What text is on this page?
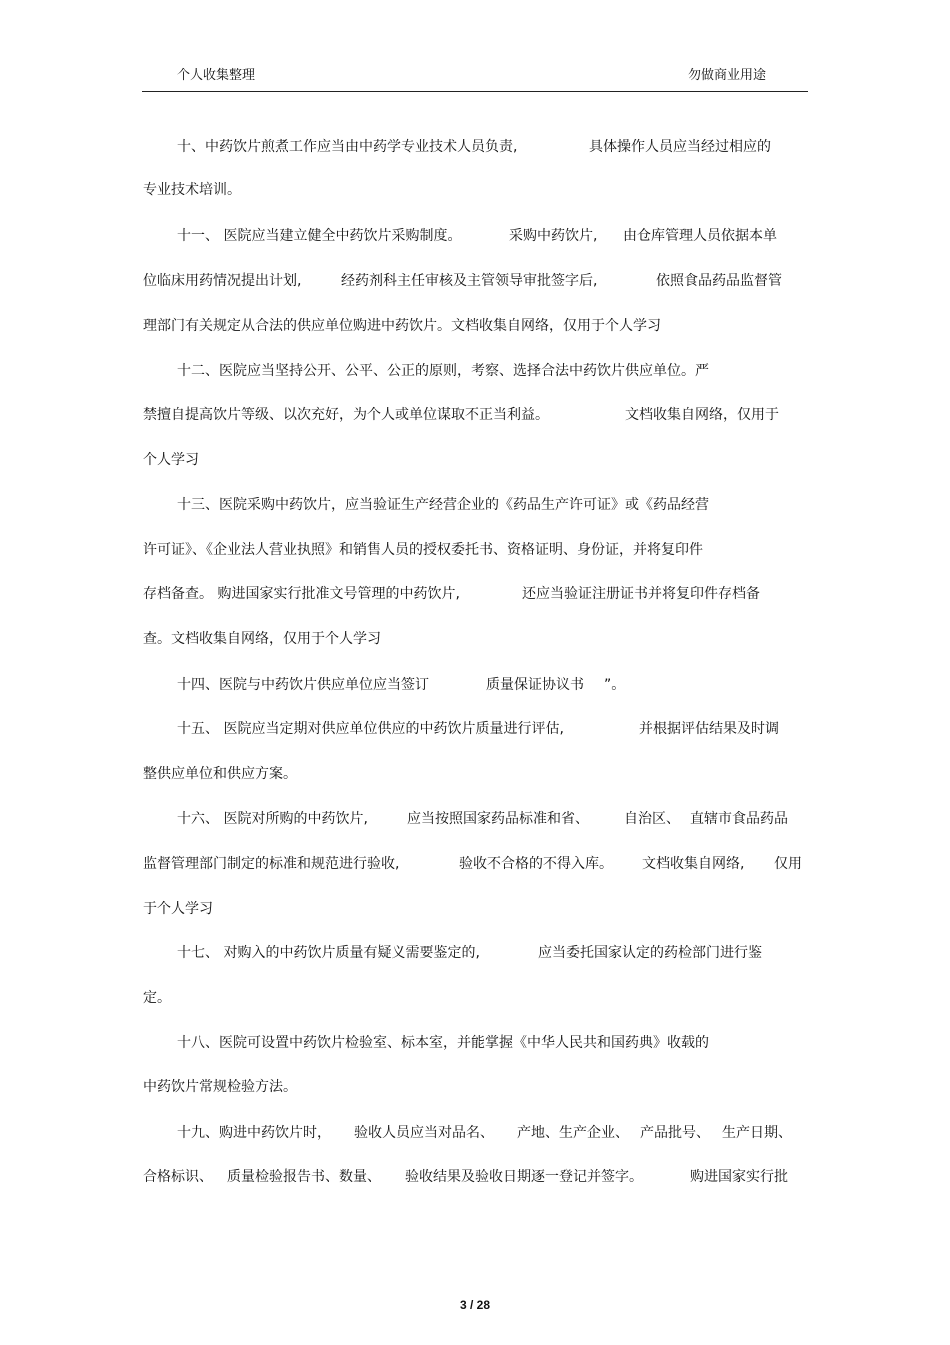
个人收集整理	勿做商业用途
十、中药饮片煎煮工作应当由中药学专业技术人员负责,	具体操作人员应当经过相应的
专业技术培训。
十一、 医院应当建立健全中药饮片采购制度。	采购中药饮片, 由仓库管理人员依据本单
位临床用药情况提出计划,	经药剂科主任审核及主管领导审批签字后,	依照食品药品监督管
理部门有关规定从合法的供应单位购进中药饮片。文档收集自网络，仅用于个人学习
十二、医院应当坚持公开、公平、公正的原则，考察、选择合法中药饮片供应单位。严
禁擅自提高饮片等级、以次充好，为个人或单位谋取不正当利益。	文档收集自网络，仅用于
个人学习
十三、医院采购中药饮片，应当验证生产经营企业的《药品生产许可证》或《药品经营
许可证》、《企业法人营业执照》和销售人员的授权委托书、资格证明、身份证，并将复印件
存档备查。 购进国家实行批准文号管理的中药饮片,	还应当验证注册证书并将复印件存档备
查。文档收集自网络，仅用于个人学习
十四、医院与中药饮片供应单位应当签订	质量保证协议书 ”。
十五、 医院应当定期对供应单位供应的中药饮片质量进行评估,	并根据评估结果及时调
整供应单位和供应方案。
十六、 医院对所购的中药饮片,	应当按照国家药品标准和省、	自治区、 直辖市食品药品
监督管理部门制定的标准和规范进行验收,	验收不合格的不得入库。 文档收集自网络, 仅用
于个人学习
十七、 对购入的中药饮片质量有疑义需要鉴定的,	应当委托国家认定的药检部门进行鉴
定。
十八、医院可设置中药饮片检验室、标本室，并能掌握《中华人民共和国药典》收载的
中药饮片常规检验方法。
十九、购进中药饮片时， 验收人员应当对品名、 产地、生产企业、 产品批号、 生产日期、
合格标识、 质量检验报告书、数量、 验收结果及验收日期逐一登记并签字。	购进国家实行批
3 / 28
